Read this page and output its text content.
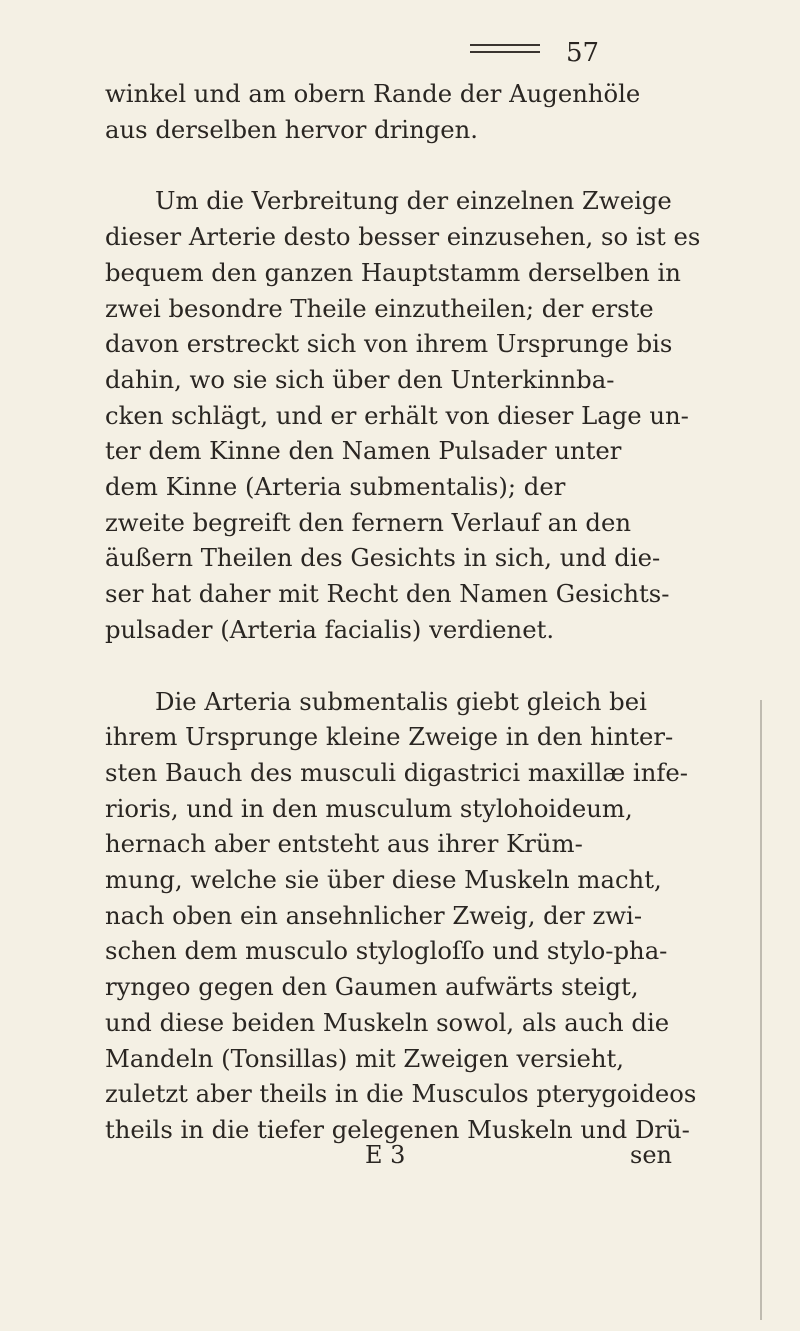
57
winkel und am obern Rande der Augenhöle
aus derselben hervor dringen.
Um die Verbreitung der einzelnen Zweige
dieser Arterie desto besser einzusehen, so ist es
bequem den ganzen Hauptstamm derselben in
zwei besondre Theile einzutheilen; der erste
davon erstreckt sich von ihrem Ursprunge bis
dahin, wo sie sich über den Unterkinnba-
cken schlägt, und er erhält von dieser Lage un-
ter dem Kinne den Namen Pulsader unter
dem Kinne (Arteria submentalis); der
zweite begreift den fernern Verlauf an den
äußern Theilen des Gesichts in sich, und die-
ser hat daher mit Recht den Namen Gesichts-
pulsader (Arteria facialis) verdienet.
Die Arteria submentalis giebt gleich bei
ihrem Ursprunge kleine Zweige in den hinter-
sten Bauch des musculi digastrici maxillæ infe-
rioris, und in den musculum stylohoideum,
hernach aber entsteht aus ihrer Krüm-
mung, welche sie über diese Muskeln macht,
nach oben ein ansehnlicher Zweig, der zwi-
schen dem musculo stylogloſſo und stylo-pha-
ryngeo gegen den Gaumen aufwärts steigt,
und diese beiden Muskeln sowol, als auch die
Mandeln (Tonsillas) mit Zweigen versieht,
zuletzt aber theils in die Musculos pterygoideos
theils in die tiefer gelegenen Muskeln und Drü-
E 3	sen
